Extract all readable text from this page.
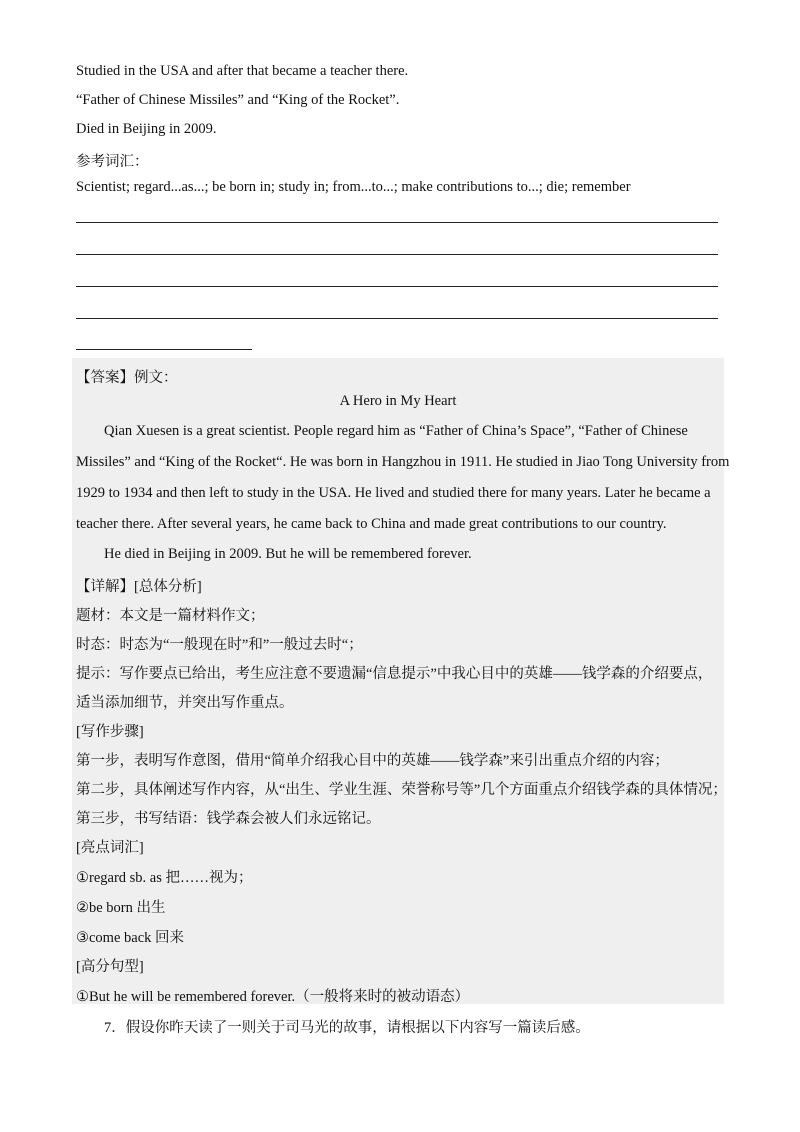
Studied in the USA and after that became a teacher there.
“Father of Chinese Missiles” and “King of the Rocket”.
Died in Beijing in 2009.
参考词汇：
Scientist; regard...as...; be born in; study in; from...to...; make contributions to...; die; remember
【答案】例文：
A Hero in My Heart
Qian Xuesen is a great scientist. People regard him as “Father of China’s Space”, “Father of Chinese
Missiles” and “King of the Rocket“. He was born in Hangzhou in 1911. He studied in Jiao Tong University from
1929 to 1934 and then left to study in the USA. He lived and studied there for many years. Later he became a
teacher there. After several years, he came back to China and made great contributions to our country.
He died in Beijing in 2009. But he will be remembered forever.
【详解】[总体分析]
题材：本文是一篇材料作文；
时态：时态为“一般现在时”和”一般过去时“；
提示：写作要点已给出，考生应注意不要遗漏“信息提示”中我心目中的英雄——钱学森的介绍要点，
适当添加细节，并突出写作重点。
[写作步骤]
第一步，表明写作意图，借用“简单介绍我心目中的英雄——钱学森”来引出重点介绍的内容；
第二步，具体阐述写作内容，从“出生、学业生涯、荣誉称号等”几个方面重点介绍钱学森的具体情况；
第三步，书写结语：钱学森会被人们永远铭记。
[亮点词汇]
①regard sb. as 把……视为；
②be born 出生
③come back 回来
[高分句型]
①But he will be remembered forever.（一般将来时的被动语态）
7．假设你昨天读了一则关于司马光的故事，请根据以下内容写一篇读后感。
